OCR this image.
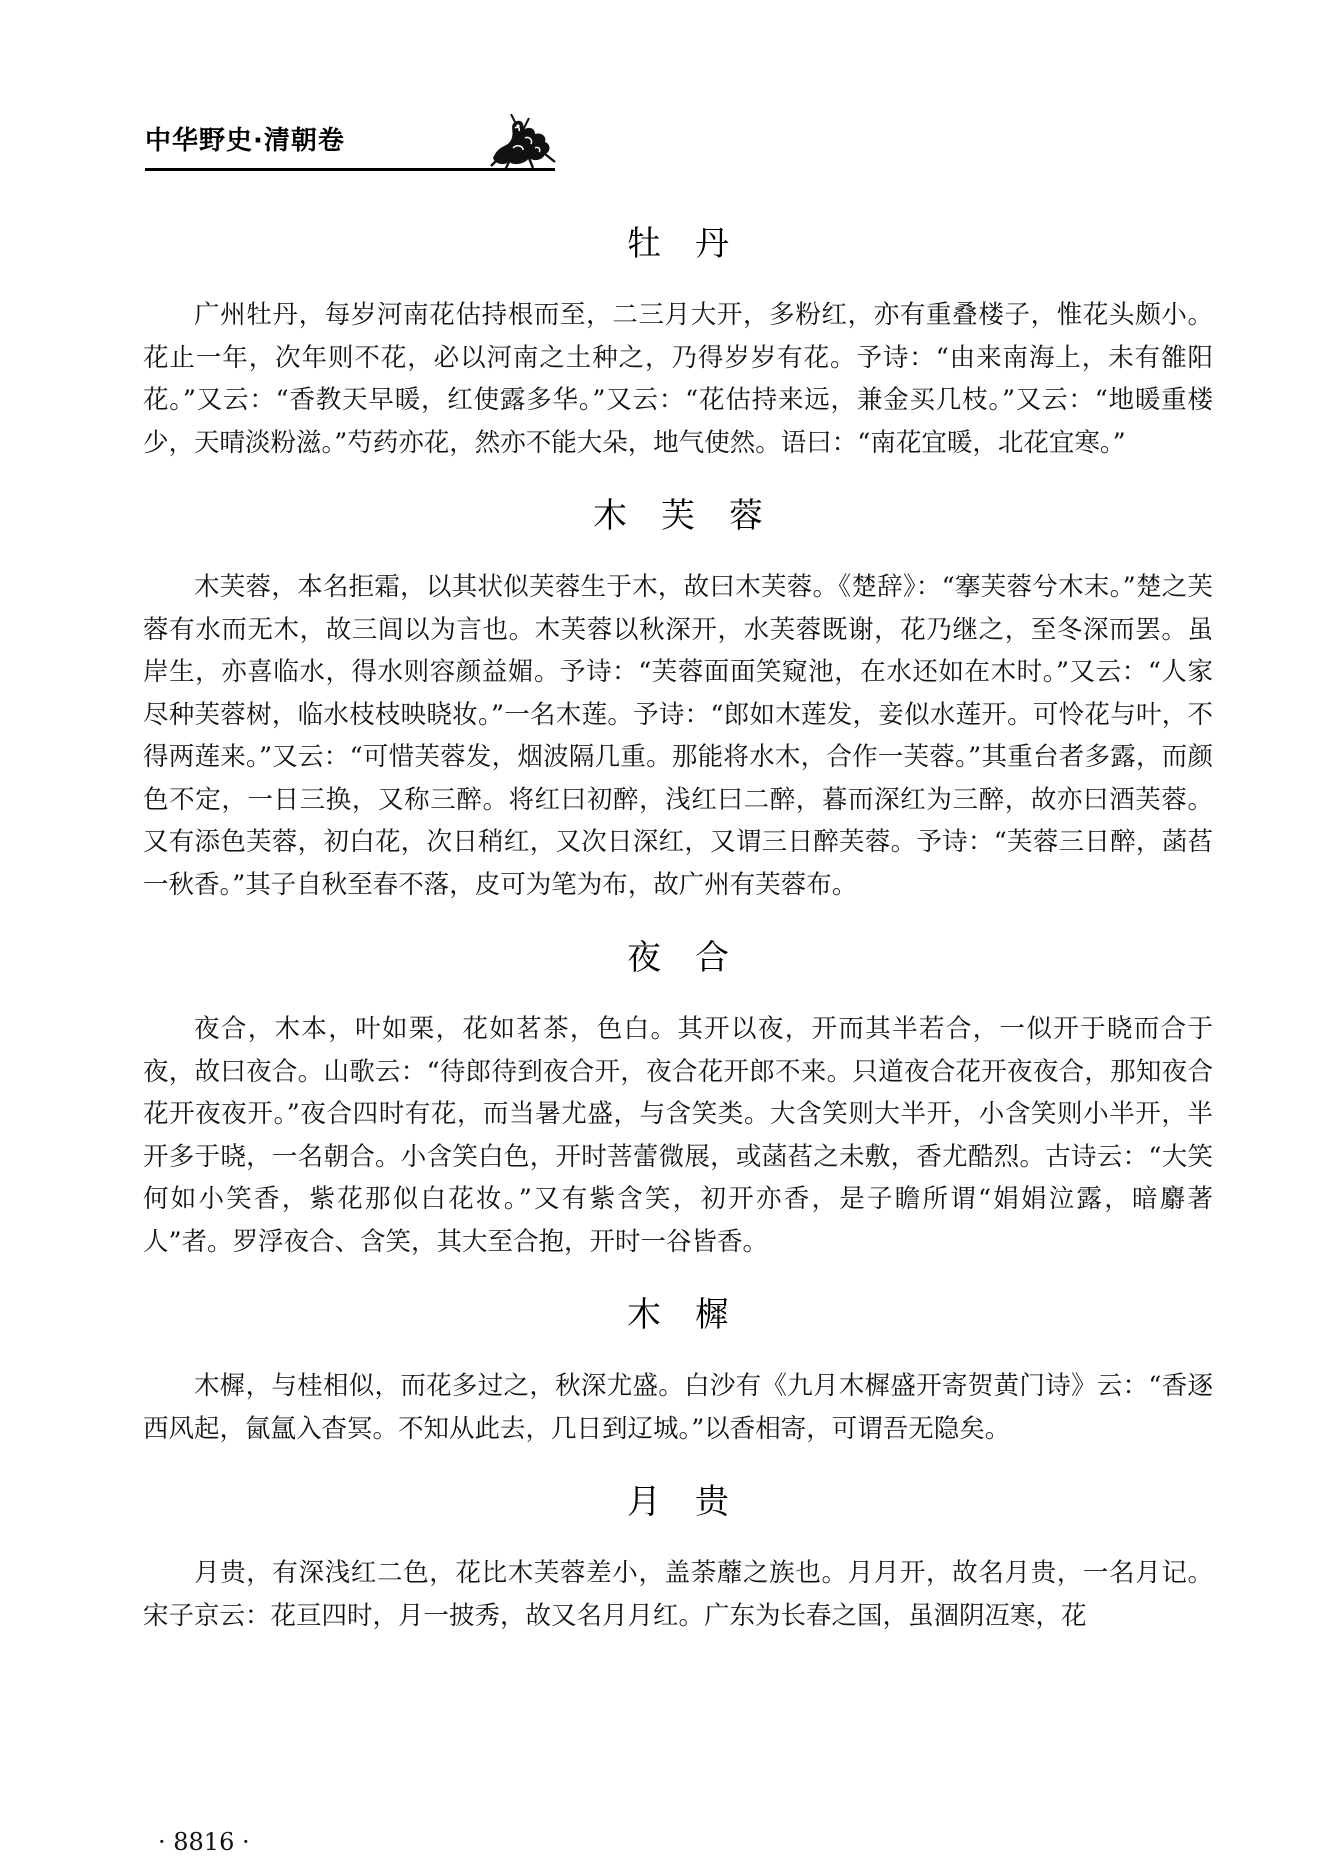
中华野史·清朝卷
牡丹

广州牡丹，每岁河南花估持根而至，二三月大开，多粉红，亦有重叠楼子，惟花头颇小。花止一年，次年则不花，必以河南之土种之，乃得岁岁有花。予诗：“由来南海上，未有雒阳花。”又云：“香教天早暖，红使露多华。”又云：“花估持来远，兼金买几枝。”又云：“地暖重楼少，天晴淡粉滋。”芍药亦花，然亦不能大朵，地气使然。语曰：“南花宜暖，北花宜寒。”

木芙蓉

木芙蓉，本名拒霜，以其状似芙蓉生于木，故曰木芙蓉。《楚辞》：“搴芙蓉兮木末。”楚之芙蓉有水而无木，故三闾以为言也。木芙蓉以秋深开，水芙蓉既谢，花乃继之，至冬深而罢。虽岸生，亦喜临水，得水则容颜益媚。予诗：“芙蓉面面笑窥池，在水还如在木时。”又云：“人家尽种芙蓉树，临水枝枝映晓妆。”一名木莲。予诗：“郎如木莲发，妾似水莲开。可怜花与叶，不得两莲来。”又云：“可惜芙蓉发，烟波隔几重。那能将水木，合作一芙蓉。”其重台者多露，而颜色不定，一日三换，又称三醉。将红曰初醉，浅红曰二醉，暮而深红为三醉，故亦曰酒芙蓉。又有添色芙蓉，初白花，次日稍红，又次日深红，又谓三日醉芙蓉。予诗：“芙蓉三日醉，菡萏一秋香。”其子自秋至春不落，皮可为笔为布，故广州有芙蓉布。

夜合

夜合，木本，叶如栗，花如茗茶，色白。其开以夜，开而其半若合，一似开于晓而合于夜，故曰夜合。山歌云：“待郎待到夜合开，夜合花开郎不来。只道夜合花开夜夜合，那知夜合花开夜夜开。”夜合四时有花，而当暑尤盛，与含笑类。大含笑则大半开，小含笑则小半开，半开多于晓，一名朝合。小含笑白色，开时菩蕾微展，或菡萏之未敷，香尤酷烈。古诗云：“大笑何如小笑香，紫花那似白花妆。”又有紫含笑，初开亦香，是子瞻所谓“娟娟泣露，暗麝著人”者。罗浮夜合、含笑，其大至合抱，开时一谷皆香。

木樨

木樨，与桂相似，而花多过之，秋深尤盛。白沙有《九月木樨盛开寄贺黄门诗》云：“香逐西风起，氤氲入杳冥。不知从此去，几日到辽城。”以香相寄，可谓吾无隐矣。

月贵

月贵，有深浅红二色，花比木芙蓉差小，盖荼蘼之族也。月月开，故名月贵，一名月记。宋子京云：花亘四时，月一披秀，故又名月月红。广东为长春之国，虽涸阴冱寒，花

· 8816 ·
